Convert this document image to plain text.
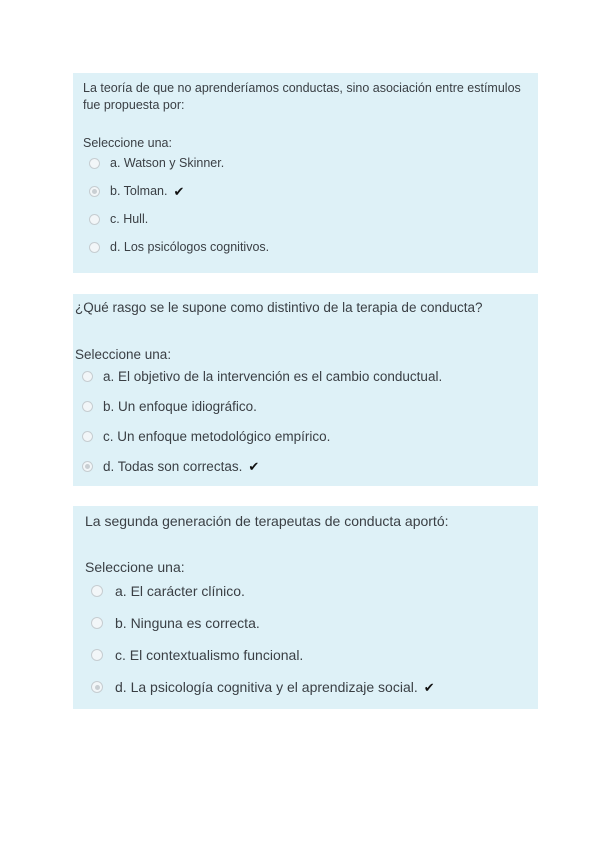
La teoría de que no aprenderíamos conductas, sino asociación entre estímulos fue propuesta por:

Seleccione una:

a. Watson y Skinner.
b. Tolman. ✔
c. Hull.
d. Los psicólogos cognitivos.

¿Qué rasgo se le supone como distintivo de la terapia de conducta?

Seleccione una:

a. El objetivo de la intervención es el cambio conductual.
b. Un enfoque idiográfico.
c. Un enfoque metodológico empírico.
d. Todas son correctas. ✔

La segunda generación de terapeutas de conducta aportó:

Seleccione una:

a. El carácter clínico.
b. Ninguna es correcta.
c. El contextualismo funcional.
d. La psicología cognitiva y el aprendizaje social. ✔
